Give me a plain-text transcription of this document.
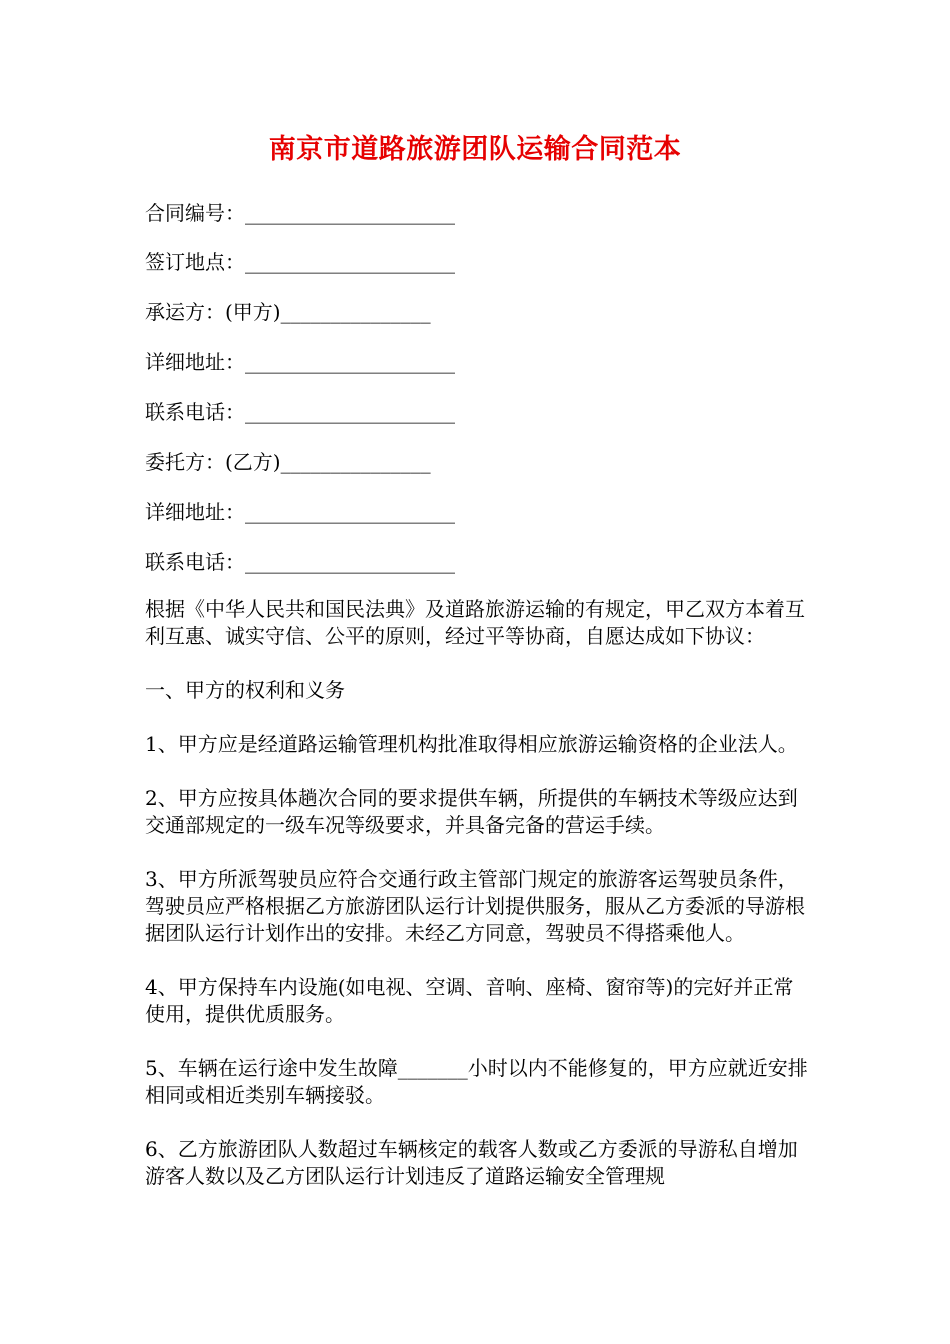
南京市道路旅游团队运输合同范本
合同编号：_____________________
签订地点：_____________________
承运方：(甲方)_______________
详细地址：_____________________
联系电话：_____________________
委托方：(乙方)_______________
详细地址：_____________________
联系电话：_____________________

根据《中华人民共和国民法典》及道路旅游运输的有规定，甲乙双方本着互利互惠、诚实守信、公平的原则，经过平等协商，自愿达成如下协议：

一、甲方的权利和义务

1、甲方应是经道路运输管理机构批准取得相应旅游运输资格的企业法人。

2、甲方应按具体趟次合同的要求提供车辆，所提供的车辆技术等级应达到交通部规定的一级车况等级要求，并具备完备的营运手续。

3、甲方所派驾驶员应符合交通行政主管部门规定的旅游客运驾驶员条件，驾驶员应严格根据乙方旅游团队运行计划提供服务，服从乙方委派的导游根据团队运行计划作出的安排。未经乙方同意，驾驶员不得搭乘他人。

4、甲方保持车内设施(如电视、空调、音响、座椅、窗帘等)的完好并正常使用，提供优质服务。

5、车辆在运行途中发生故障_______小时以内不能修复的，甲方应就近安排相同或相近类别车辆接驳。

6、乙方旅游团队人数超过车辆核定的载客人数或乙方委派的导游私自增加游客人数以及乙方团队运行计划违反了道路运输安全管理规
